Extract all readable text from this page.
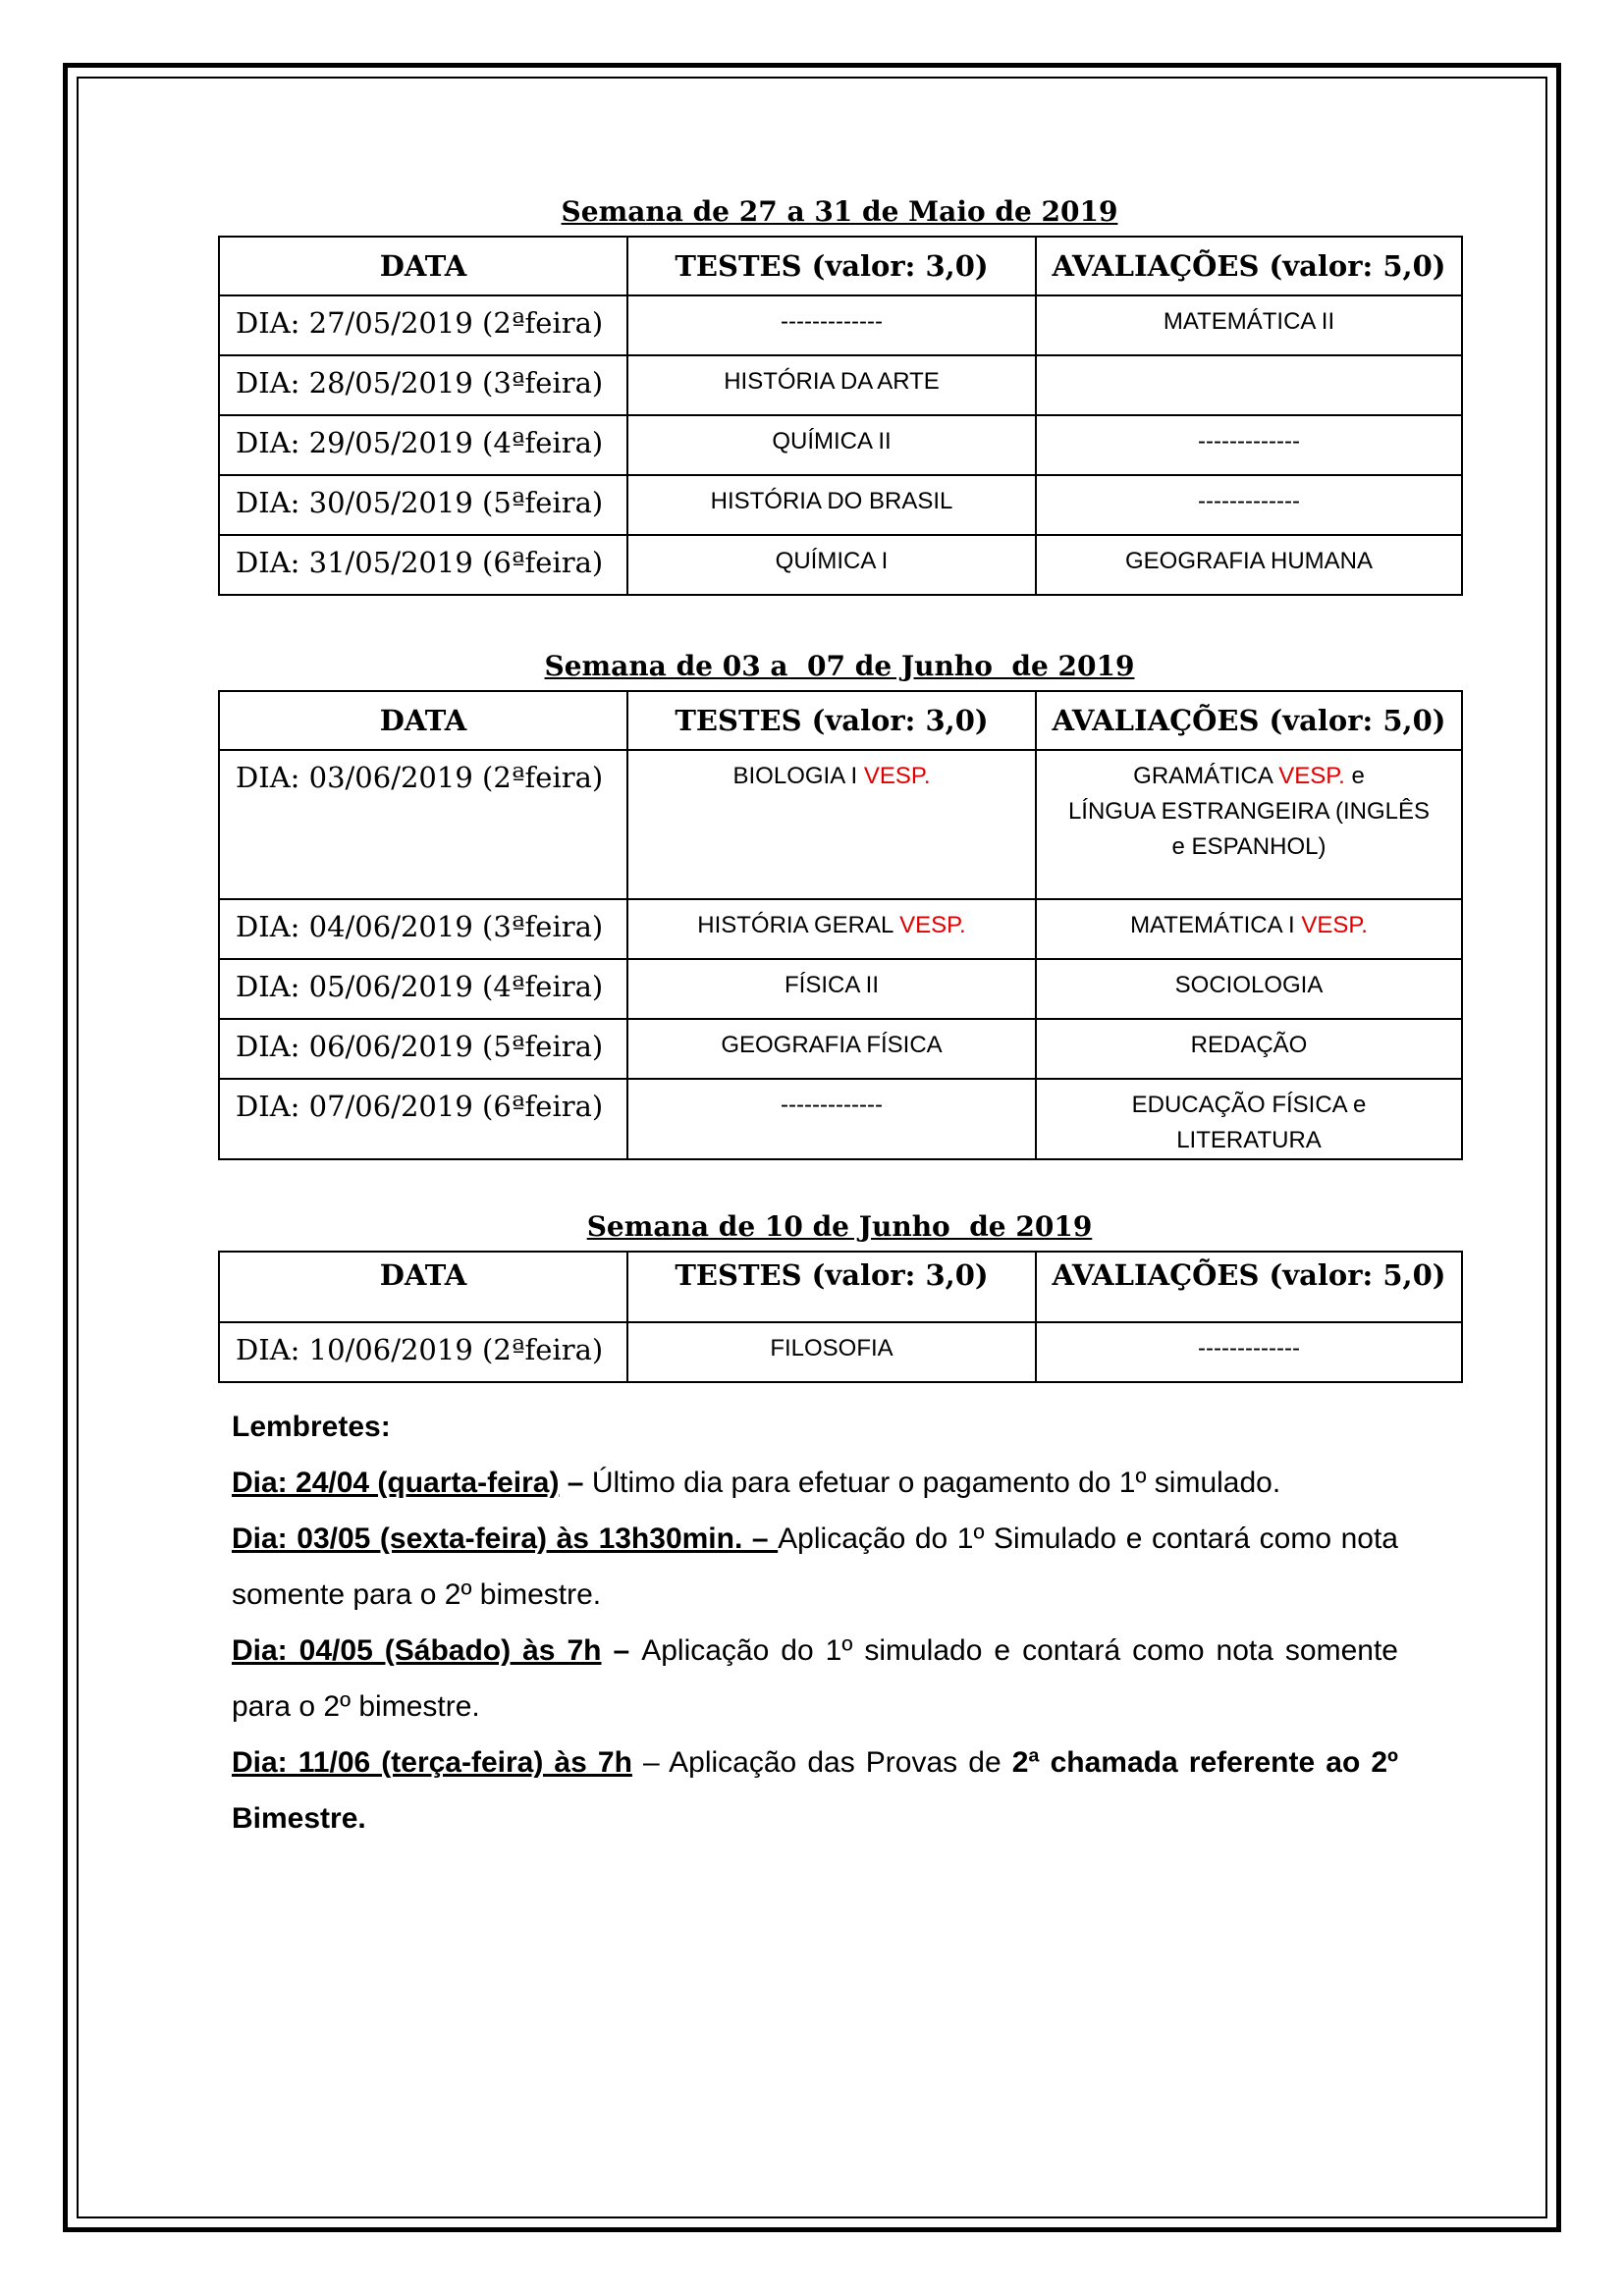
Semana de 27 a 31 de Maio de 2019

DATA	TESTES (valor: 3,0)	AVALIAÇÕES (valor: 5,0)
DIA: 27/05/2019 (2ªfeira)	-------------	MATEMÁTICA II
DIA: 28/05/2019 (3ªfeira)	HISTÓRIA DA ARTE	
DIA: 29/05/2019 (4ªfeira)	QUÍMICA II	-------------
DIA: 30/05/2019 (5ªfeira)	HISTÓRIA DO BRASIL	-------------
DIA: 31/05/2019 (6ªfeira)	QUÍMICA I	GEOGRAFIA HUMANA

Semana de 03 a  07 de Junho  de 2019

DATA	TESTES (valor: 3,0)	AVALIAÇÕES (valor: 5,0)
DIA: 03/06/2019 (2ªfeira)	BIOLOGIA I VESP.	GRAMÁTICA VESP. e
LÍNGUA ESTRANGEIRA (INGLÊS
e ESPANHOL)

DIA: 04/06/2019 (3ªfeira)	HISTÓRIA GERAL VESP.	MATEMÁTICA I VESP.
DIA: 05/06/2019 (4ªfeira)	FÍSICA II	SOCIOLOGIA
DIA: 06/06/2019 (5ªfeira)	GEOGRAFIA FÍSICA	REDAÇÃO
DIA: 07/06/2019 (6ªfeira)	-------------	EDUCAÇÃO FÍSICA e
LITERATURA

Semana de 10 de Junho  de 2019

DATA	TESTES (valor: 3,0)	AVALIAÇÕES (valor: 5,0)
DIA: 10/06/2019 (2ªfeira)	FILOSOFIA	-------------

Lembretes:

Dia: 24/04 (quarta-feira) – Último dia para efetuar o pagamento do 1º simulado.

Dia: 03/05 (sexta-feira) às 13h30min. – Aplicação do 1º Simulado e contará como nota somente para o 2º bimestre.

Dia: 04/05 (Sábado) às 7h – Aplicação do 1º simulado e contará como nota somente para o 2º bimestre.

Dia: 11/06 (terça-feira) às 7h – Aplicação das Provas de 2ª chamada referente ao 2º Bimestre.
